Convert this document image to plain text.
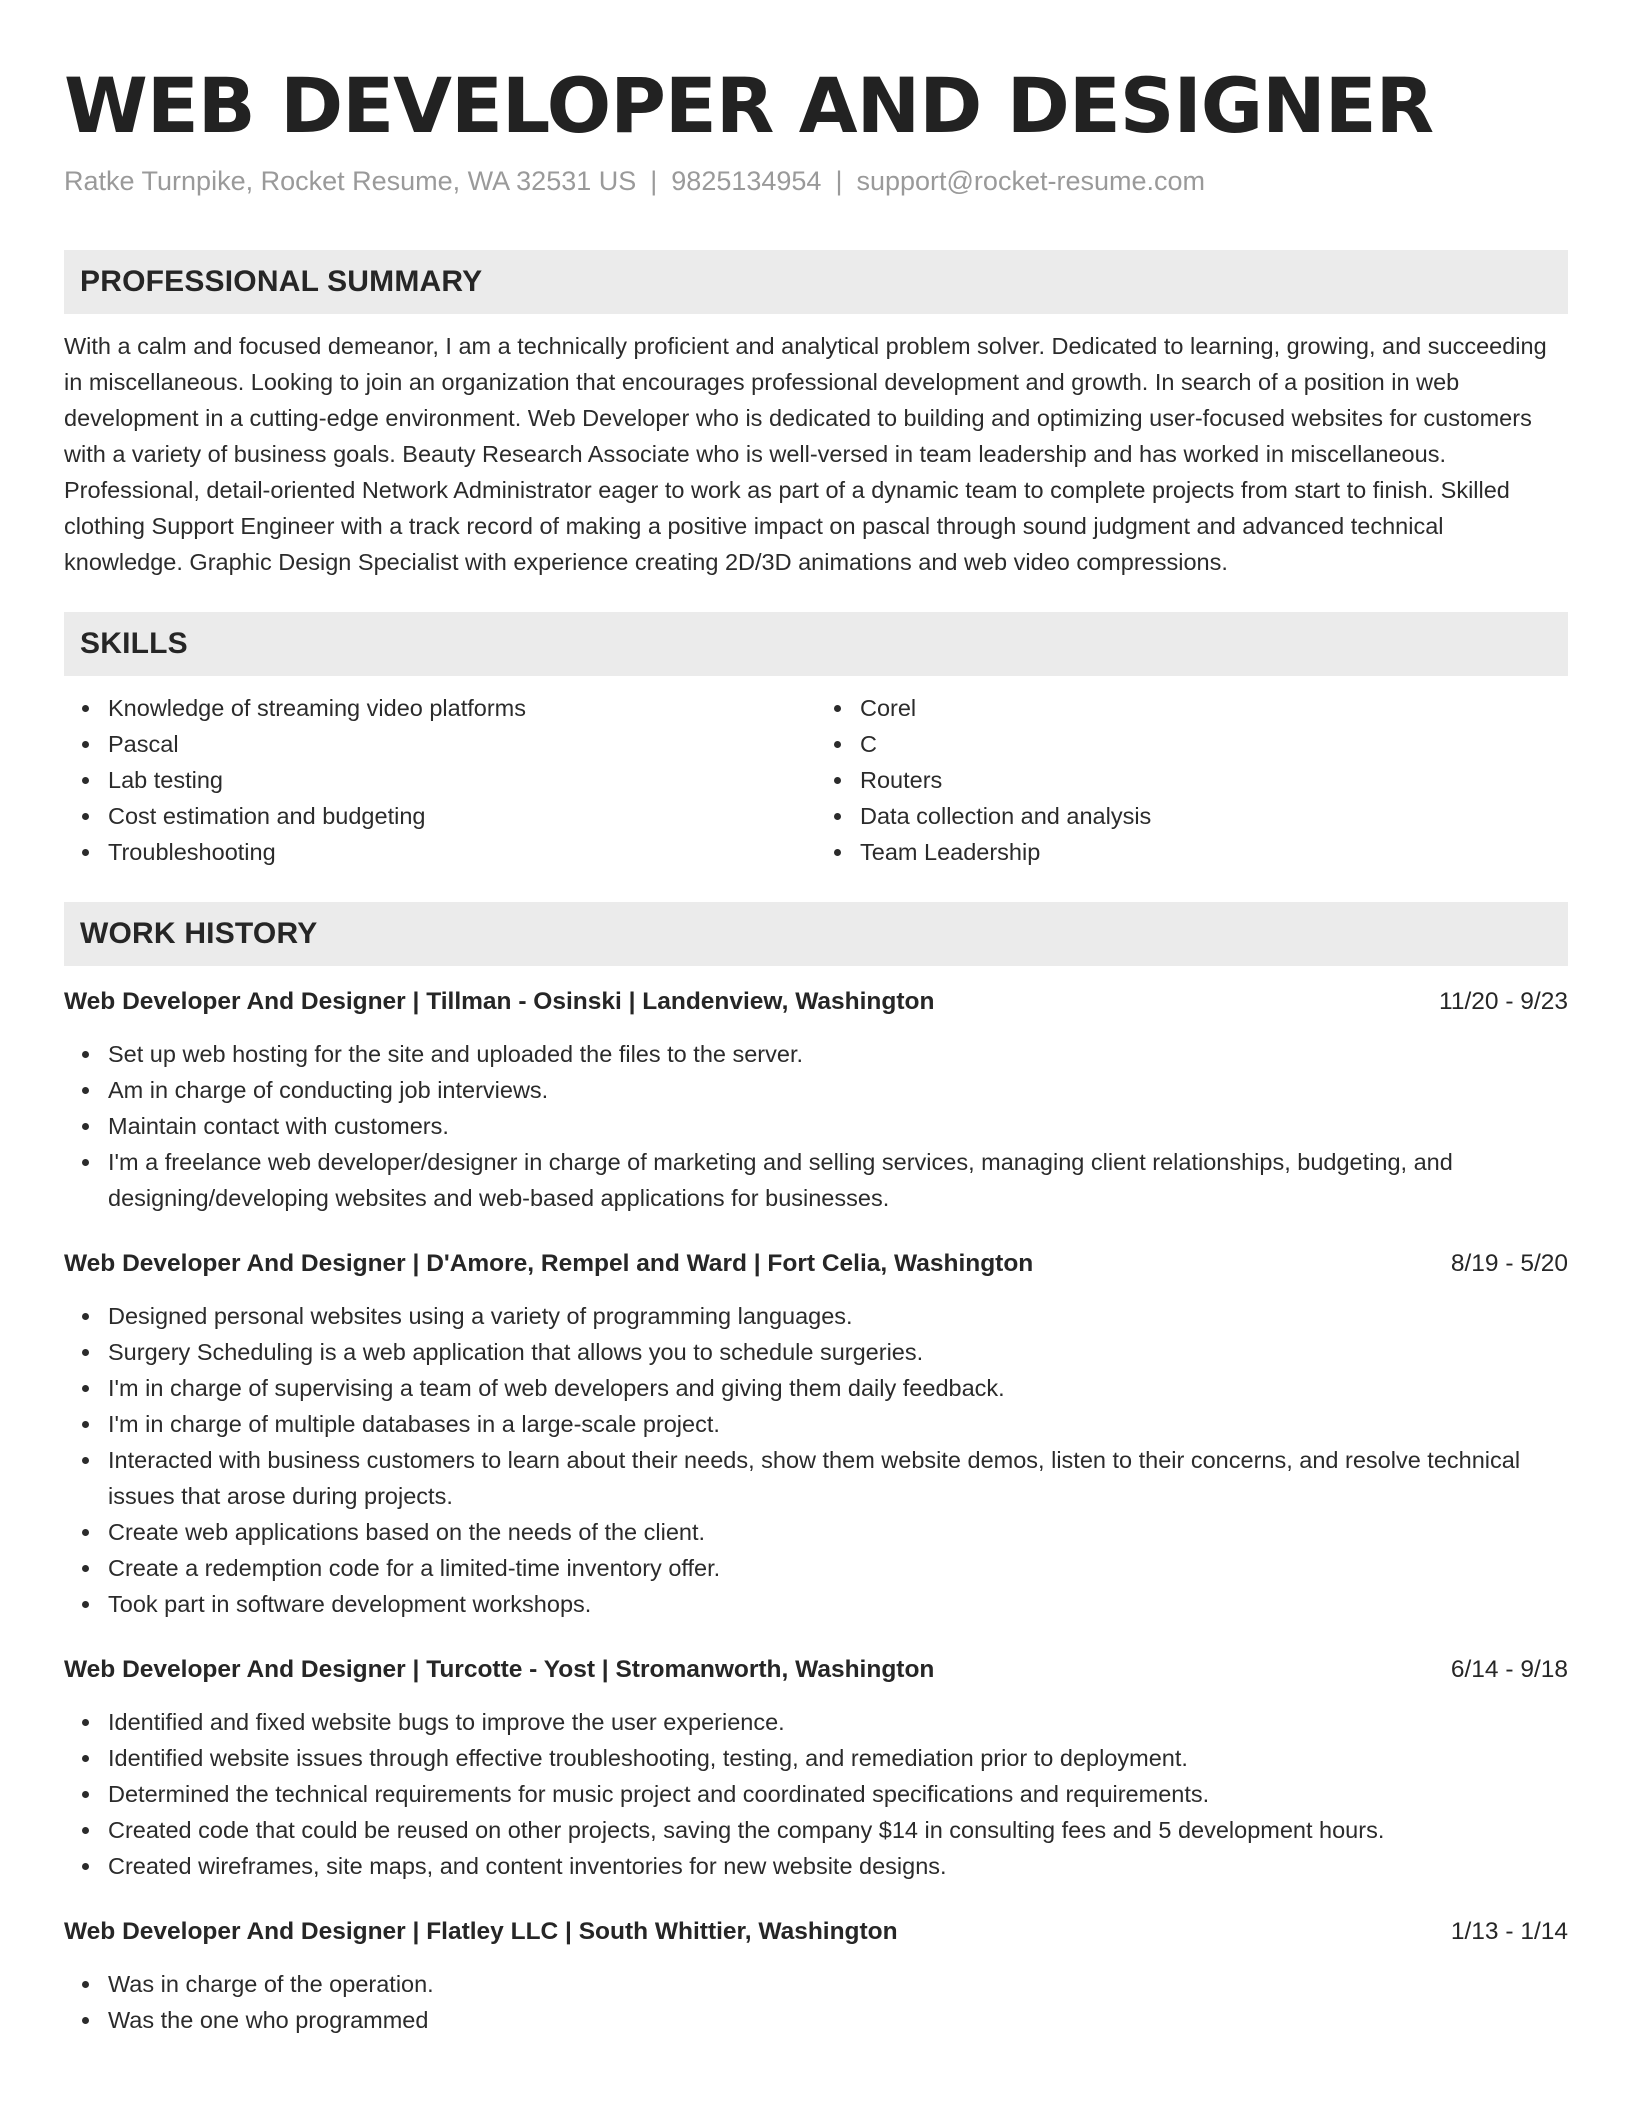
WEB DEVELOPER AND DESIGNER
Ratke Turnpike, Rocket Resume, WA 32531 US | 9825134954 | support@rocket-resume.com
PROFESSIONAL SUMMARY

With a calm and focused demeanor, I am a technically proficient and analytical problem solver. Dedicated to learning, growing, and succeeding in miscellaneous. Looking to join an organization that encourages professional development and growth. In search of a position in web development in a cutting-edge environment. Web Developer who is dedicated to building and optimizing user-focused websites for customers with a variety of business goals. Beauty Research Associate who is well-versed in team leadership and has worked in miscellaneous. Professional, detail-oriented Network Administrator eager to work as part of a dynamic team to complete projects from start to finish. Skilled clothing Support Engineer with a track record of making a positive impact on pascal through sound judgment and advanced technical knowledge. Graphic Design Specialist with experience creating 2D/3D animations and web video compressions.

SKILLS
Knowledge of streaming video platforms
Pascal
Lab testing
Cost estimation and budgeting
Troubleshooting
Corel
C
Routers
Data collection and analysis
Team Leadership
WORK HISTORY
Web Developer And Designer | Tillman - Osinski | Landenview, Washington	11/20 - 9/23
Set up web hosting for the site and uploaded the files to the server.
Am in charge of conducting job interviews.
Maintain contact with customers.
I'm a freelance web developer/designer in charge of marketing and selling services, managing client relationships, budgeting, and designing/developing websites and web-based applications for businesses.
Web Developer And Designer | D'Amore, Rempel and Ward | Fort Celia, Washington	8/19 - 5/20
Designed personal websites using a variety of programming languages.
Surgery Scheduling is a web application that allows you to schedule surgeries.
I'm in charge of supervising a team of web developers and giving them daily feedback.
I'm in charge of multiple databases in a large-scale project.
Interacted with business customers to learn about their needs, show them website demos, listen to their concerns, and resolve technical issues that arose during projects.
Create web applications based on the needs of the client.
Create a redemption code for a limited-time inventory offer.
Took part in software development workshops.
Web Developer And Designer | Turcotte - Yost | Stromanworth, Washington	6/14 - 9/18
Identified and fixed website bugs to improve the user experience.
Identified website issues through effective troubleshooting, testing, and remediation prior to deployment.
Determined the technical requirements for music project and coordinated specifications and requirements.
Created code that could be reused on other projects, saving the company $14 in consulting fees and 5 development hours.
Created wireframes, site maps, and content inventories for new website designs.
Web Developer And Designer | Flatley LLC | South Whittier, Washington	1/13 - 1/14
Was in charge of the operation.
Was the one who programmed
